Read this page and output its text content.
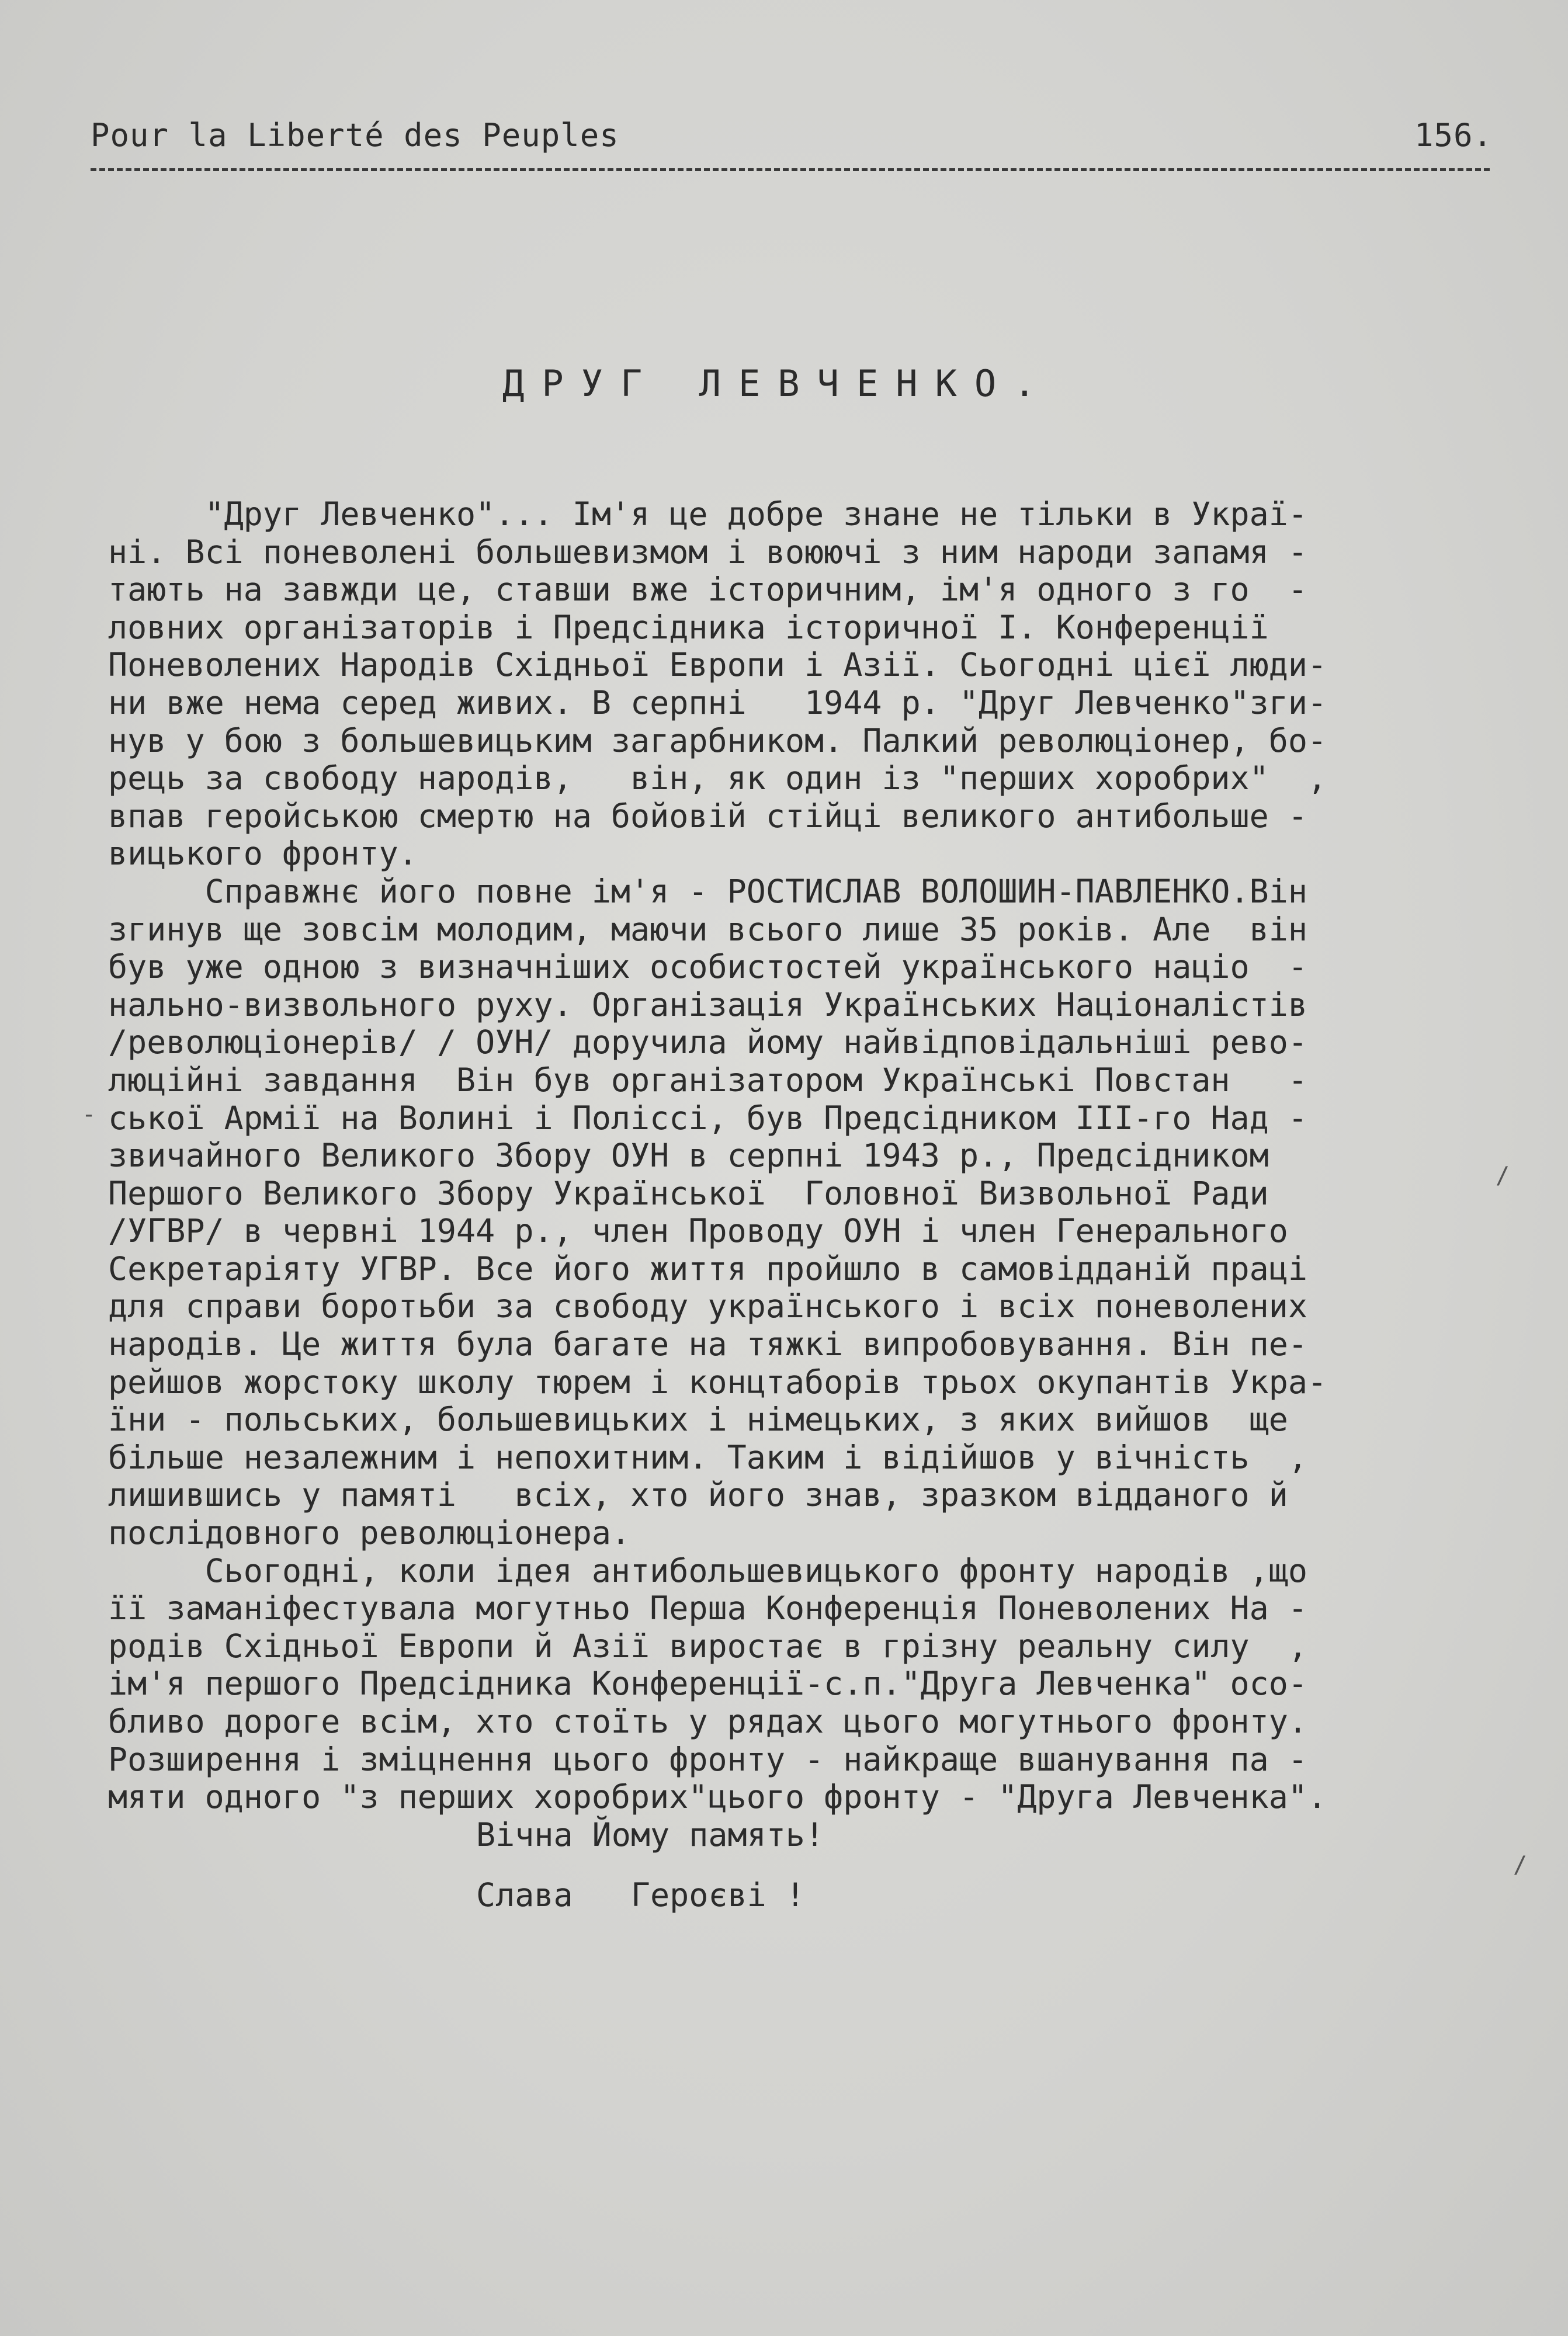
Pour la Liberté des Peuples	156.
ДРУГ ЛЕВЧЕНКО.
"Друг Левченко"... Ім'я це добре знане не тільки в Украї-
ні. Всі поневолені большевизмом і воюючі з ним народи запамя -
тають на завжди це, ставши вже історичним, ім'я одного з го  -
ловних організаторів і Предсідника історичної І. Конференції
Поневолених Народів Східньої Европи і Азії. Сьогодні цієї люди-
ни вже нема серед живих. В серпні   1944 р. "Друг Левченко"зги-
нув у бою з большевицьким загарбником. Палкий революціонер, бо-
рець за свободу народів,   він, як один із "перших хоробрих"  ,
впав геройською смертю на бойовій стійці великого антибольше -
вицького фронту.
Справжнє його повне ім'я - РОСТИСЛАВ ВОЛОШИН-ПАВЛЕНКО.Він
згинув ще зовсім молодим, маючи всього лише 35 років. Але  він
був уже одною з визначніших особистостей українського націо  -
нально-визвольного руху. Організація Українських Націоналістів
/революціонерів/ / ОУН/ доручила йому найвідповідальніші рево-
люційні завдання  Він був організатором Українські Повстан   -
ської Армії на Волині і Поліссі, був Предсідником ІІІ-го Над -
звичайного Великого Збору ОУН в серпні 1943 р., Предсідником
Першого Великого Збору Української  Головної Визвольної Ради
/УГВР/ в червні 1944 р., член Проводу ОУН і член Генерального
Секретаріяту УГВР. Все його життя пройшло в самовідданій праці
для справи боротьби за свободу українського і всіх поневолених
народів. Це життя була багате на тяжкі випробовування. Він пе-
рейшов жорстоку школу тюрем і концтаборів трьох окупантів Укра-
їни - польських, большевицьких і німецьких, з яких вийшов  ще
більше незалежним і непохитним. Таким і відійшов у вічність  ,
лишившись у памяті   всіх, хто його знав, зразком відданого й
послідовного революціонера.
Сьогодні, коли ідея антибольшевицького фронту народів ,що
її заманіфестувала могутньо Перша Конференція Поневолених На -
родів Східньої Европи й Азії виростає в грізну реальну силу  ,
ім'я першого Предсідника Конференції-с.п."Друга Левченка" осо-
бливо дороге всім, хто стоїть у рядах цього могутнього фронту.
Розширення і зміцнення цього фронту - найкраще вшанування па -
мяти одного "з перших хоробрих"цього фронту - "Друга Левченка".
Вічна Йому память!
Слава   Героєві !
-
/
/
